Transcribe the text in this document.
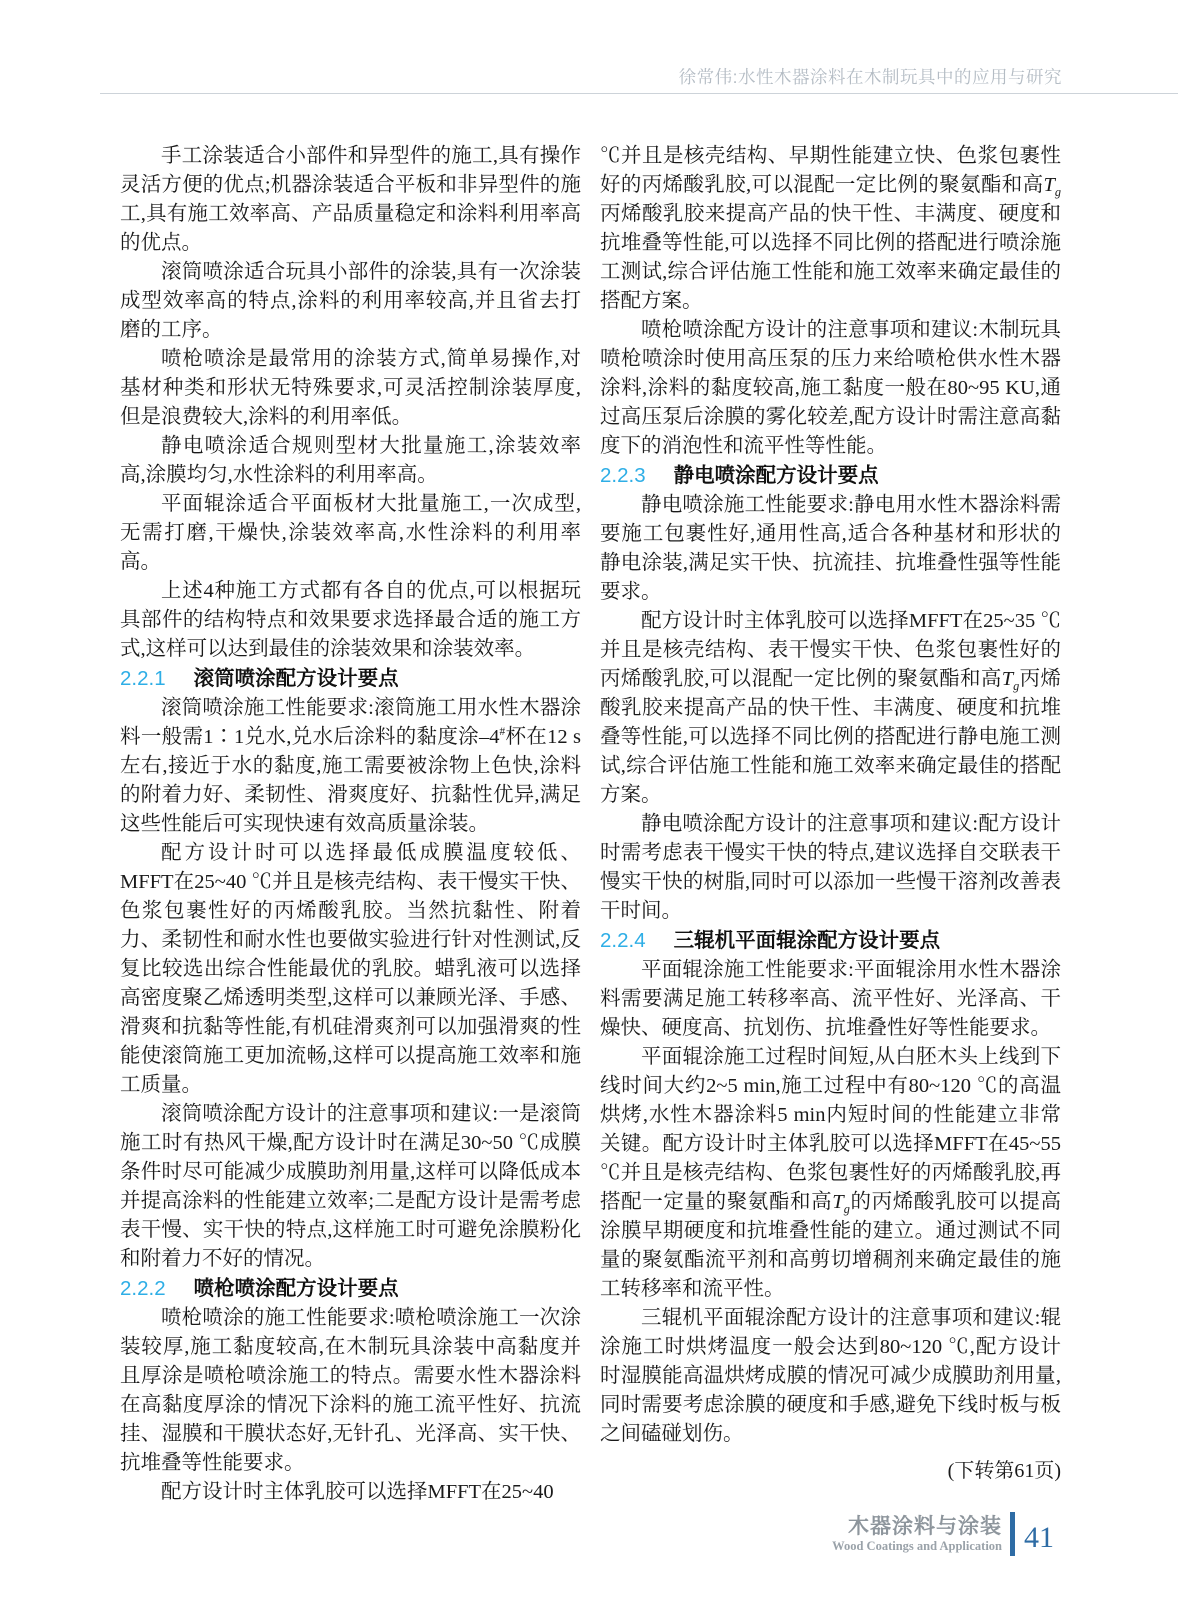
徐常伟:水性木器涂料在木制玩具中的应用与研究

手工涂装适合小部件和异型件的施工,具有操作灵活方便的优点;机器涂装适合平板和非异型件的施工,具有施工效率高、产品质量稳定和涂料利用率高的优点。

滚筒喷涂适合玩具小部件的涂装,具有一次涂装成型效率高的特点,涂料的利用率较高,并且省去打磨的工序。

喷枪喷涂是最常用的涂装方式,简单易操作,对基材种类和形状无特殊要求,可灵活控制涂装厚度,但是浪费较大,涂料的利用率低。

静电喷涂适合规则型材大批量施工,涂装效率高,涂膜均匀,水性涂料的利用率高。

平面辊涂适合平面板材大批量施工,一次成型,无需打磨,干燥快,涂装效率高,水性涂料的利用率高。

上述4种施工方式都有各自的优点,可以根据玩具部件的结构特点和效果要求选择最合适的施工方式,这样可以达到最佳的涂装效果和涂装效率。

2.2.1 滚筒喷涂配方设计要点

滚筒喷涂施工性能要求:滚筒施工用水性木器涂料一般需1∶1兑水,兑水后涂料的黏度涂–4#杯在12 s左右,接近于水的黏度,施工需要被涂物上色快,涂料的附着力好、柔韧性、滑爽度好、抗黏性优异,满足这些性能后可实现快速有效高质量涂装。

配方设计时可以选择最低成膜温度较低、MFFT在25~40 ℃并且是核壳结构、表干慢实干快、色浆包裹性好的丙烯酸乳胶。当然抗黏性、附着力、柔韧性和耐水性也要做实验进行针对性测试,反复比较选出综合性能最优的乳胶。蜡乳液可以选择高密度聚乙烯透明类型,这样可以兼顾光泽、手感、滑爽和抗黏等性能,有机硅滑爽剂可以加强滑爽的性能使滚筒施工更加流畅,这样可以提高施工效率和施工质量。

滚筒喷涂配方设计的注意事项和建议:一是滚筒施工时有热风干燥,配方设计时在满足30~50 ℃成膜条件时尽可能减少成膜助剂用量,这样可以降低成本并提高涂料的性能建立效率;二是配方设计是需考虑表干慢、实干快的特点,这样施工时可避免涂膜粉化和附着力不好的情况。

2.2.2 喷枪喷涂配方设计要点

喷枪喷涂的施工性能要求:喷枪喷涂施工一次涂装较厚,施工黏度较高,在木制玩具涂装中高黏度并且厚涂是喷枪喷涂施工的特点。需要水性木器涂料在高黏度厚涂的情况下涂料的施工流平性好、抗流挂、湿膜和干膜状态好,无针孔、光泽高、实干快、抗堆叠等性能要求。

配方设计时主体乳胶可以选择MFFT在25~40

℃并且是核壳结构、早期性能建立快、色浆包裹性好的丙烯酸乳胶,可以混配一定比例的聚氨酯和高$T_g$丙烯酸乳胶来提高产品的快干性、丰满度、硬度和抗堆叠等性能,可以选择不同比例的搭配进行喷涂施工测试,综合评估施工性能和施工效率来确定最佳的搭配方案。

喷枪喷涂配方设计的注意事项和建议:木制玩具喷枪喷涂时使用高压泵的压力来给喷枪供水性木器涂料,涂料的黏度较高,施工黏度一般在80~95 KU,通过高压泵后涂膜的雾化较差,配方设计时需注意高黏度下的消泡性和流平性等性能。

2.2.3 静电喷涂配方设计要点

静电喷涂施工性能要求:静电用水性木器涂料需要施工包裹性好,通用性高,适合各种基材和形状的静电涂装,满足实干快、抗流挂、抗堆叠性强等性能要求。

配方设计时主体乳胶可以选择MFFT在25~35 ℃并且是核壳结构、表干慢实干快、色浆包裹性好的丙烯酸乳胶,可以混配一定比例的聚氨酯和高$T_g$丙烯酸乳胶来提高产品的快干性、丰满度、硬度和抗堆叠等性能,可以选择不同比例的搭配进行静电施工测试,综合评估施工性能和施工效率来确定最佳的搭配方案。

静电喷涂配方设计的注意事项和建议:配方设计时需考虑表干慢实干快的特点,建议选择自交联表干慢实干快的树脂,同时可以添加一些慢干溶剂改善表干时间。

2.2.4 三辊机平面辊涂配方设计要点

平面辊涂施工性能要求:平面辊涂用水性木器涂料需要满足施工转移率高、流平性好、光泽高、干燥快、硬度高、抗划伤、抗堆叠性好等性能要求。

平面辊涂施工过程时间短,从白胚木头上线到下线时间大约2~5 min,施工过程中有80~120 ℃的高温烘烤,水性木器涂料5 min内短时间的性能建立非常关键。配方设计时主体乳胶可以选择MFFT在45~55 ℃并且是核壳结构、色浆包裹性好的丙烯酸乳胶,再搭配一定量的聚氨酯和高$T_g$的丙烯酸乳胶可以提高涂膜早期硬度和抗堆叠性能的建立。通过测试不同量的聚氨酯流平剂和高剪切增稠剂来确定最佳的施工转移率和流平性。

三辊机平面辊涂配方设计的注意事项和建议:辊涂施工时烘烤温度一般会达到80~120 ℃,配方设计时湿膜能高温烘烤成膜的情况可减少成膜助剂用量,同时需要考虑涂膜的硬度和手感,避免下线时板与板之间磕碰划伤。

(下转第61页)

木器涂料与涂装
Wood Coatings and Application 41
